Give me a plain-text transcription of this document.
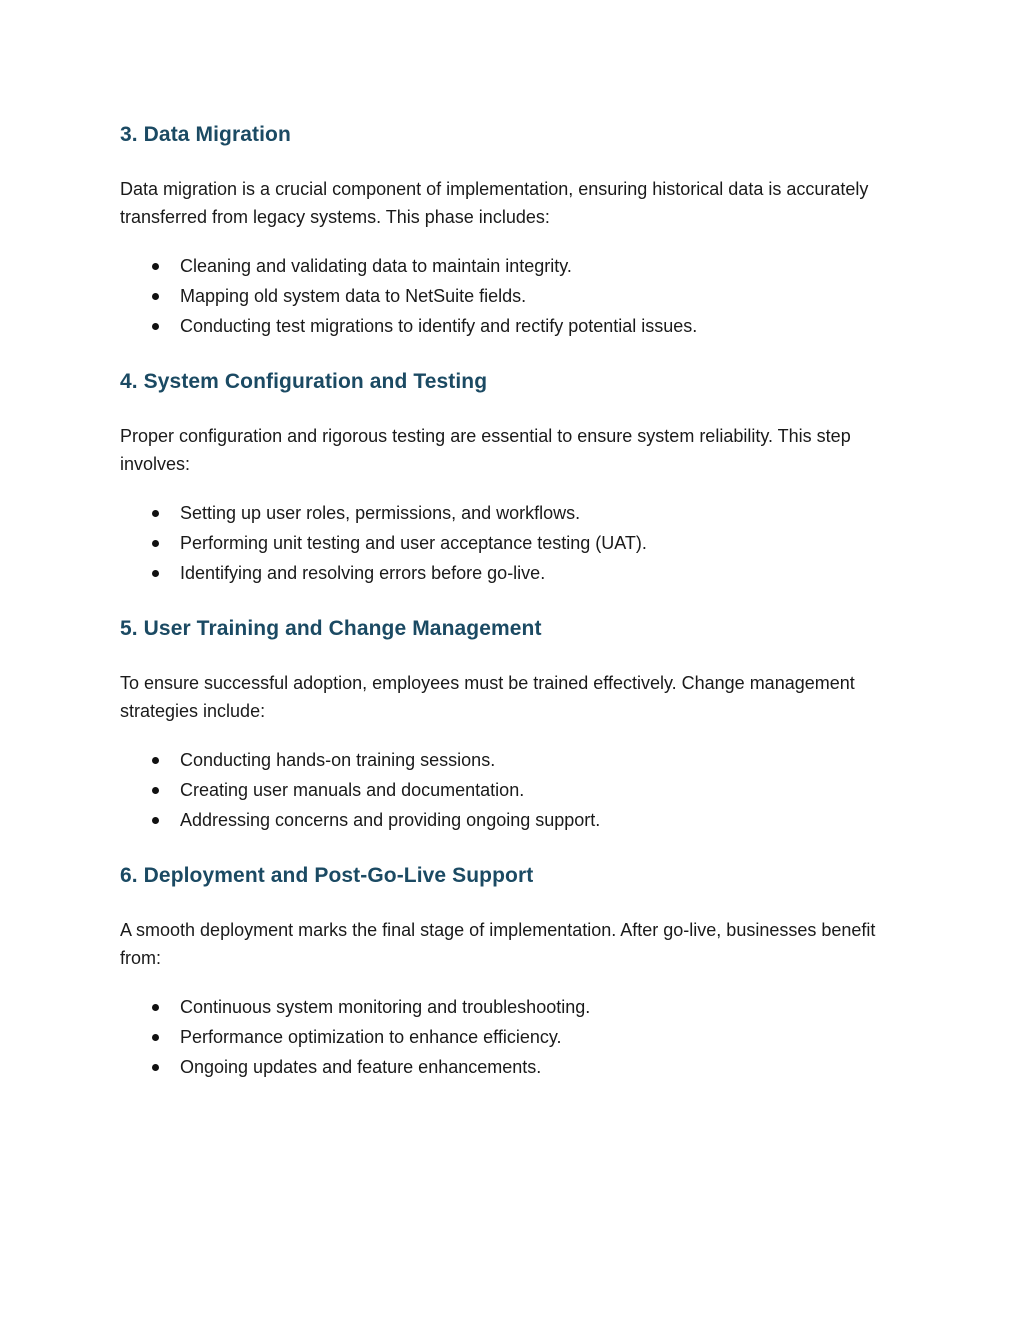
3. Data Migration

Data migration is a crucial component of implementation, ensuring historical data is accurately transferred from legacy systems. This phase includes:

Cleaning and validating data to maintain integrity.
Mapping old system data to NetSuite fields.
Conducting test migrations to identify and rectify potential issues.
4. System Configuration and Testing

Proper configuration and rigorous testing are essential to ensure system reliability. This step involves:

Setting up user roles, permissions, and workflows.
Performing unit testing and user acceptance testing (UAT).
Identifying and resolving errors before go-live.
5. User Training and Change Management

To ensure successful adoption, employees must be trained effectively. Change management strategies include:

Conducting hands-on training sessions.
Creating user manuals and documentation.
Addressing concerns and providing ongoing support.
6. Deployment and Post-Go-Live Support

A smooth deployment marks the final stage of implementation. After go-live, businesses benefit from:

Continuous system monitoring and troubleshooting.
Performance optimization to enhance efficiency.
Ongoing updates and feature enhancements.
